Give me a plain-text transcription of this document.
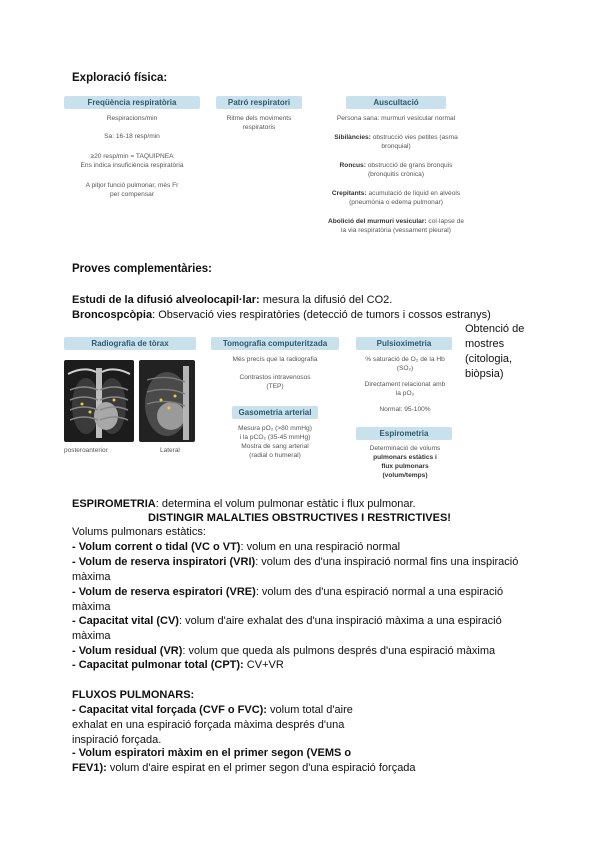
Exploració física:
Freqüència respiratòria
Respiracions/min
Sa: 16-18 resp/min
≥20 resp/min = TAQUIPNEA
Ens indica insuficiència respiratòria
A pitjor funció pulmonar, més Fr
per compensar
Patró respiratori
Ritme dels moviments
respiratoris
Auscultació
Persona sana: murmuri vesicular normal
Sibilàncies: obstrucció vies petites (asma
bronquial)
Roncus: obstrucció de grans bronquis
(bronquitis crònica)
Crepitants: acumulació de líquid en alvèols
(pneumònia o edema pulmonar)
Abolició del murmuri vesicular: col·lapse de
la via respiratòria (vessament pleural)
Proves complementàries:
Estudi de la difusió alveolocapil·lar: mesura la difusió del CO2.
Broncospcòpia: Observació vies respiratòries (detecció de tumors i cossos estranys)
Obtenció de
mostres
(citologia,
biòpsia)
Radiografia de tòrax
posteroanterior	Lateral
Tomografia computeritzada
Més precís que la radiografia
Contrastos intravenosos
(TEP)
Gasometria arterial
Mesura pO₂ (>80 mmHg)
i la pCO₂ (35-45 mmHg)
Mostra de sang arterial
(radial o humeral)
Pulsioximetria
% saturació de O₂ de la Hb
(SO₂)
Directament relacionat amb
la pO₂
Normal: 95-100%
Espirometria
Determinació de volums
pulmonars estàtics i
flux pulmonars
(volum/temps)
ESPIROMETRIA: determina el volum pulmonar estàtic i flux pulmonar.
DISTINGIR MALALTIES OBSTRUCTIVES I RESTRICTIVES!
Volums pulmonars estàtics:
- Volum corrent o tidal (VC o VT): volum en una respiració normal
- Volum de reserva inspiratori (VRI): volum des d'una inspiració normal fins una inspiració
màxima
- Volum de reserva espiratori (VRE): volum des d'una espiració normal a una espiració
màxima
- Capacitat vital (CV): volum d'aire exhalat des d'una inspiració màxima a una espiració
màxima
- Volum residual (VR): volum que queda als pulmons després d'una espiració màxima
- Capacitat pulmonar total (CPT): CV+VR
FLUXOS PULMONARS:
- Capacitat vital forçada (CVF o FVC): volum total d'aire
exhalat en una espiració forçada màxima després d'una
inspiració forçada.
- Volum espiratori màxim en el primer segon (VEMS o
FEV1): volum d'aire espirat en el primer segon d'una espiració forçada
